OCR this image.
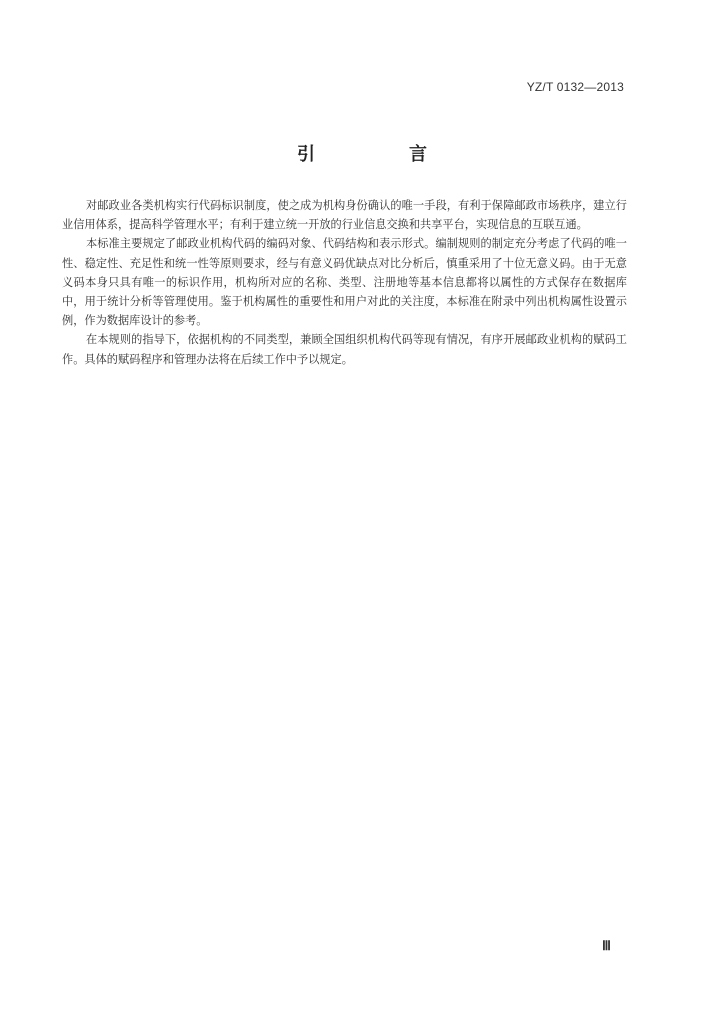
YZ/T 0132—2013
引　言

对邮政业各类机构实行代码标识制度，使之成为机构身份确认的唯一手段，有利于保障邮政市场秩序，建立行业信用体系，提高科学管理水平；有利于建立统一开放的行业信息交换和共享平台，实现信息的互联互通。

本标准主要规定了邮政业机构代码的编码对象、代码结构和表示形式。编制规则的制定充分考虑了代码的唯一性、稳定性、充足性和统一性等原则要求，经与有意义码优缺点对比分析后，慎重采用了十位无意义码。由于无意义码本身只具有唯一的标识作用，机构所对应的名称、类型、注册地等基本信息都将以属性的方式保存在数据库中，用于统计分析等管理使用。鉴于机构属性的重要性和用户对此的关注度，本标准在附录中列出机构属性设置示例，作为数据库设计的参考。

在本规则的指导下，依据机构的不同类型，兼顾全国组织机构代码等现有情况，有序开展邮政业机构的赋码工作。具体的赋码程序和管理办法将在后续工作中予以规定。

Ⅲ
